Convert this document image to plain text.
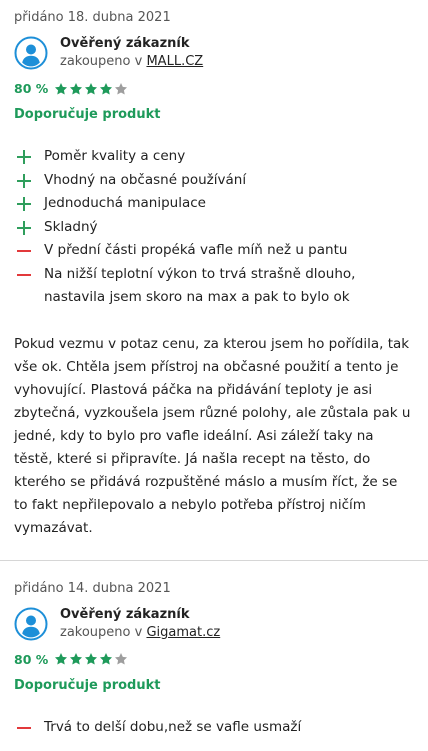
přidáno 18. dubna 2021
Ověřený zákazník
zakoupeno v MALL.CZ
80 %
Doporučuje produkt
Poměr kvality a ceny
Vhodný na občasné používání
Jednoduchá manipulace
Skladný
V přední části propéká vafle míň než u pantu
Na nižší teplotní výkon to trvá strašně dlouho, nastavila jsem skoro na max a pak to bylo ok

Pokud vezmu v potaz cenu, za kterou jsem ho pořídila, tak vše ok. Chtěla jsem přístroj na občasné použití a tento je vyhovující. Plastová páčka na přidávání teploty je asi zbytečná, vyzkoušela jsem různé polohy, ale zůstala pak u jedné, kdy to bylo pro vafle ideální. Asi záleží taky na těstě, které si připravíte. Já našla recept na těsto, do kterého se přidává rozpuštěné máslo a musím říct, že se to fakt nepřilepovalo a nebylo potřeba přístroj ničím vymazávat.

přidáno 14. dubna 2021
Ověřený zákazník
zakoupeno v Gigamat.cz
80 %
Doporučuje produkt
Trvá to delší dobu,než se vafle usmaží
